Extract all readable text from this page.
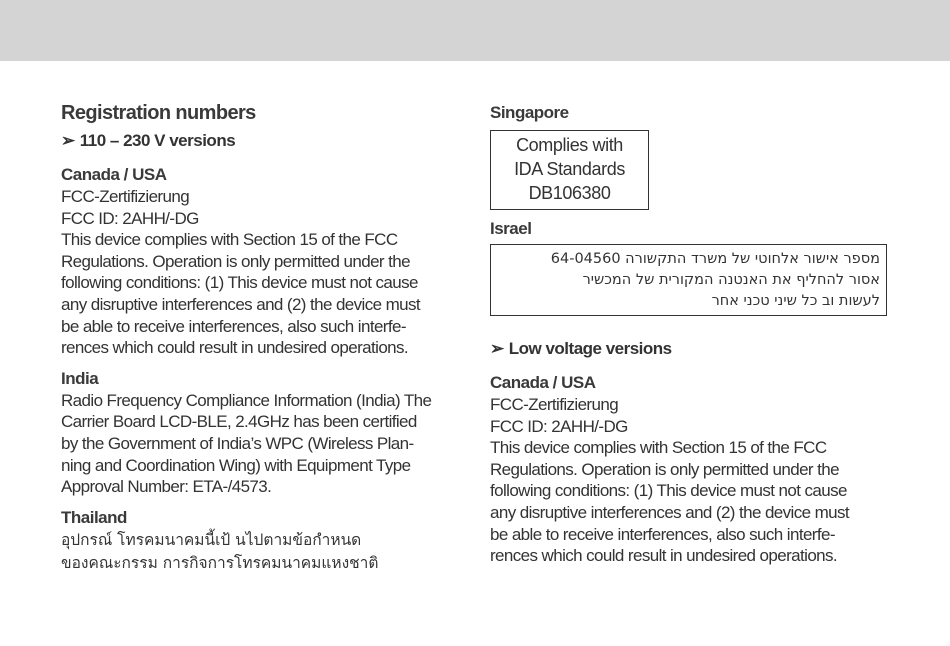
Registration numbers

➢ 110 – 230 V versions

Canada / USA

FCC-Zertifizierung

FCC ID: 2AHH/-DG

This device complies with Section 15 of the FCC

Regulations. Operation is only permitted under the

following conditions: (1) This device must not cause

any disruptive interferences and (2) the device must

be able to receive interferences, also such interfe-

rences which could result in undesired operations.

India

Radio Frequency Compliance Information (India) The

Carrier Board LCD-BLE, 2.4GHz has been certified

by the Government of India’s WPC (Wireless Plan-

ning and Coordination Wing) with Equipment Type

Approval Number: ETA-/4573.

Thailand

อุปกรณ์ โทรคมนาคมนี้เป้ นไปตามข้อกำหนด

ของคณะกรรม การกิจการโทรคมนาคมแหงชาติ

Singapore

Complies with

IDA Standards

DB106380

Israel

מספר אישור אלחוטי של משרד התקשורה 64-04560

אסור להחליף את האנטנה המקורית של המכשיר

לעשות וב כל שיני טכני אחר

➢ Low voltage versions

Canada / USA

FCC-Zertifizierung

FCC ID: 2AHH/-DG

This device complies with Section 15 of the FCC

Regulations. Operation is only permitted under the

following conditions: (1) This device must not cause

any disruptive interferences and (2) the device must

be able to receive interferences, also such interfe-

rences which could result in undesired operations.
